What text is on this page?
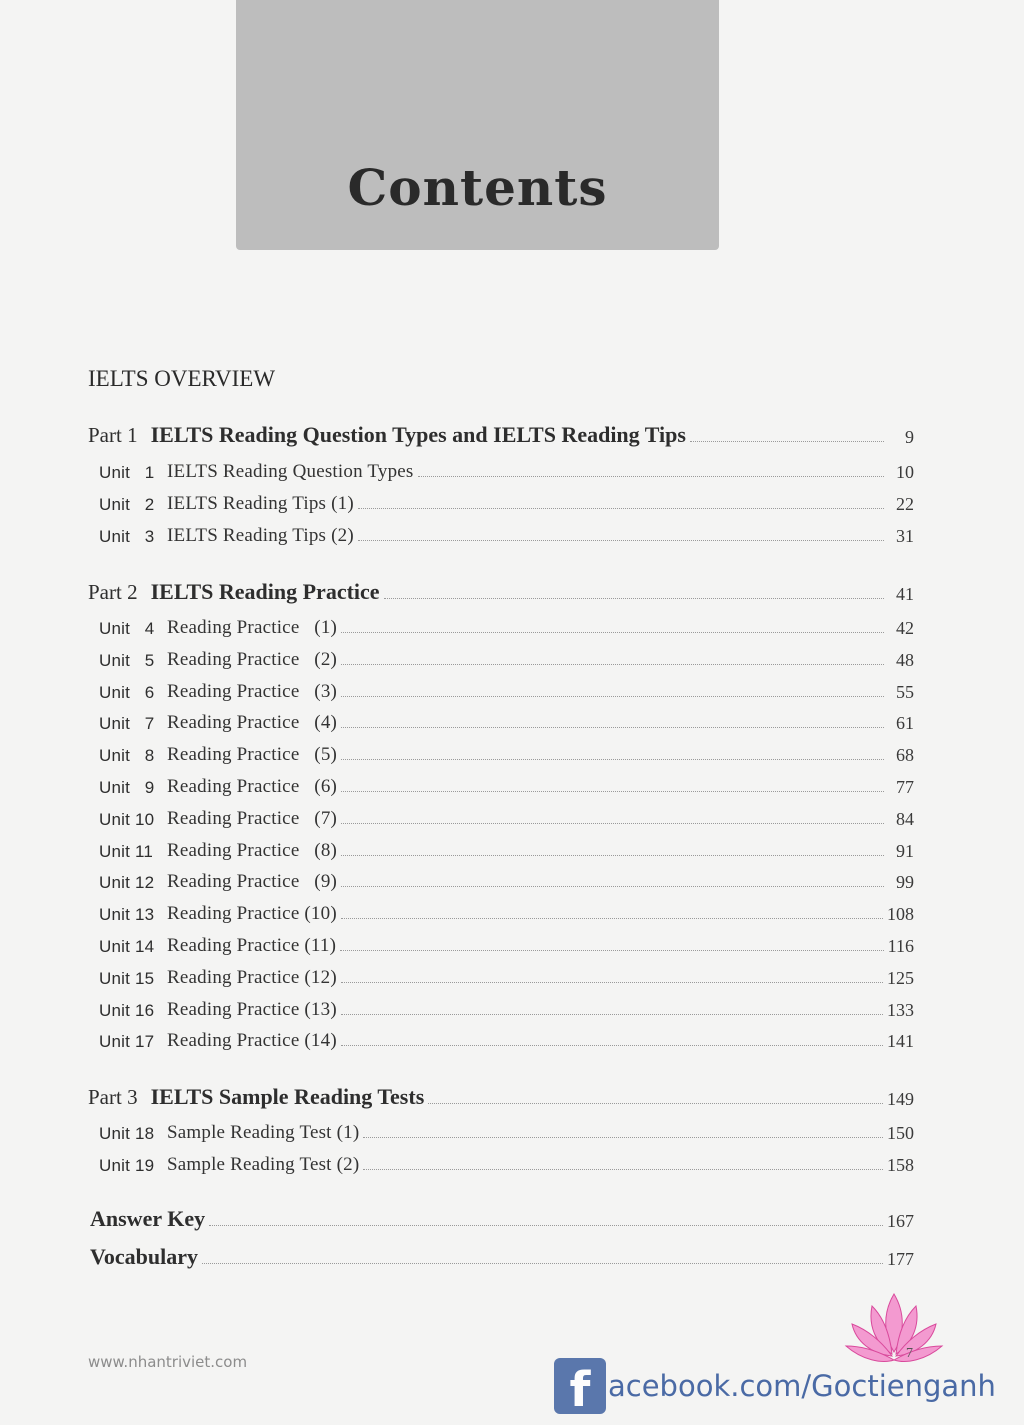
Contents
IELTS OVERVIEW
Part 1 IELTS Reading Question Types and IELTS Reading Tips	9
Unit   1 IELTS Reading Question Types	10
Unit   2 IELTS Reading Tips (1)	22
Unit   3 IELTS Reading Tips (2)	31
Part 2 IELTS Reading Practice	41
Unit   4 Reading Practice   (1)	42
Unit   5 Reading Practice   (2)	48
Unit   6 Reading Practice   (3)	55
Unit   7 Reading Practice   (4)	61
Unit   8 Reading Practice   (5)	68
Unit   9 Reading Practice   (6)	77
Unit 10 Reading Practice   (7)	84
Unit 11 Reading Practice   (8)	91
Unit 12 Reading Practice   (9)	99
Unit 13 Reading Practice (10)	108
Unit 14 Reading Practice (11)	116
Unit 15 Reading Practice (12)	125
Unit 16 Reading Practice (13)	133
Unit 17 Reading Practice (14)	141
Part 3 IELTS Sample Reading Tests	149
Unit 18 Sample Reading Test (1)	150
Unit 19 Sample Reading Test (2)	158
Answer Key	167
Vocabulary	177
www.nhantriviet.com	7
f acebook.com/Goctienganh
